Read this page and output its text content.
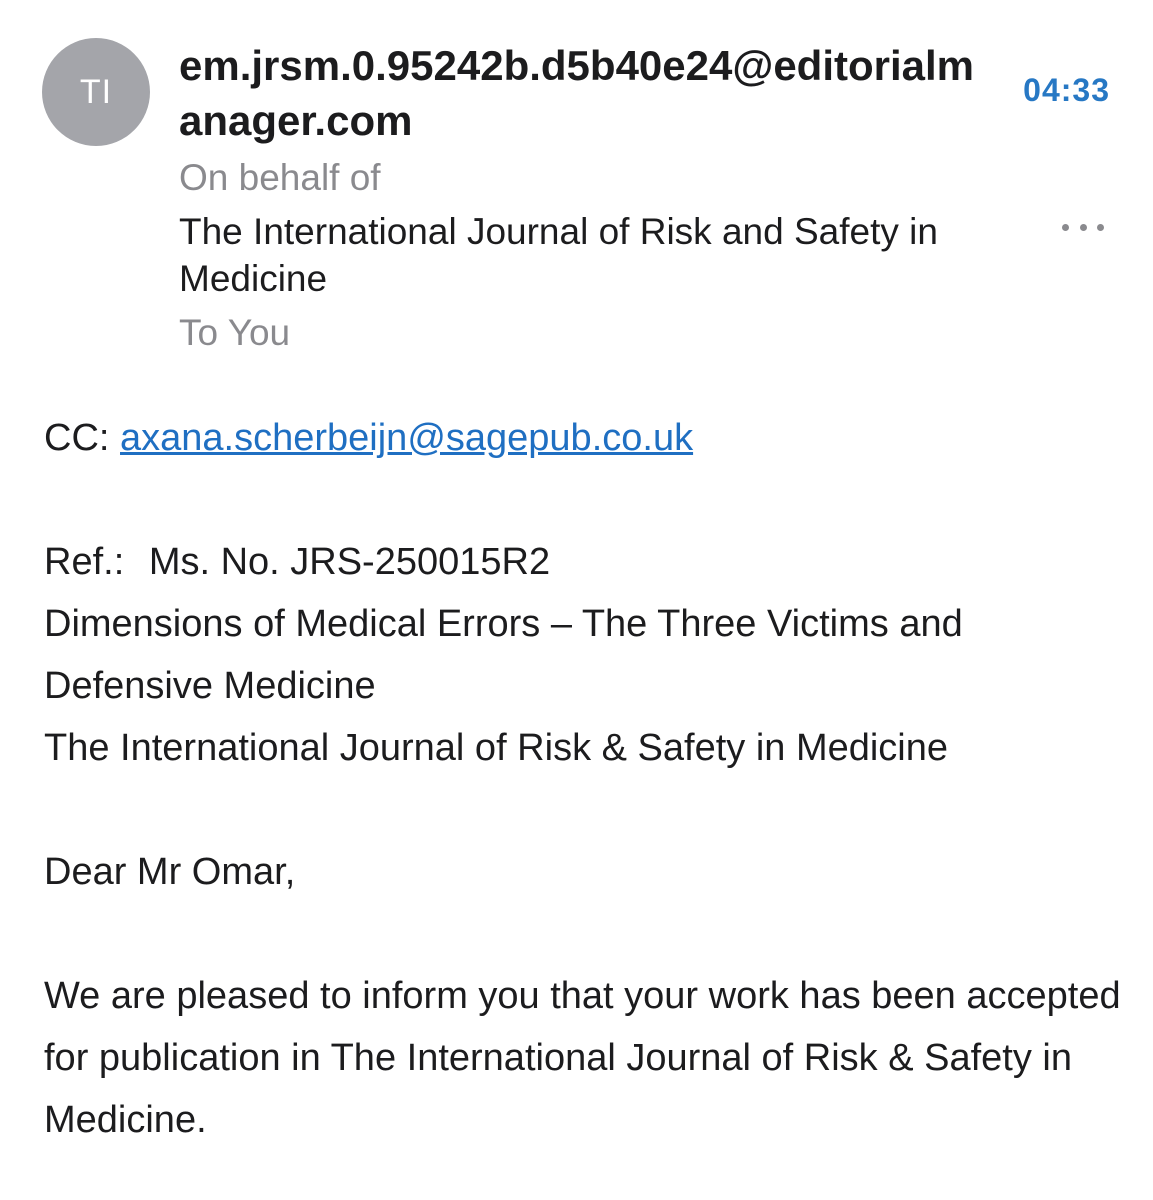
TI
em.jrsm.0.95242b.d5b40e24@editorialmanager.com
04:33
On behalf of
The International Journal of Risk and Safety in Medicine
To You

CC: axana.scherbeijn@sagepub.co.uk

Ref.: Ms. No. JRS-250015R2

Dimensions of Medical Errors – The Three Victims and Defensive Medicine

The International Journal of Risk & Safety in Medicine

Dear Mr Omar,

We are pleased to inform you that your work has been accepted for publication in The International Journal of Risk & Safety in Medicine.
